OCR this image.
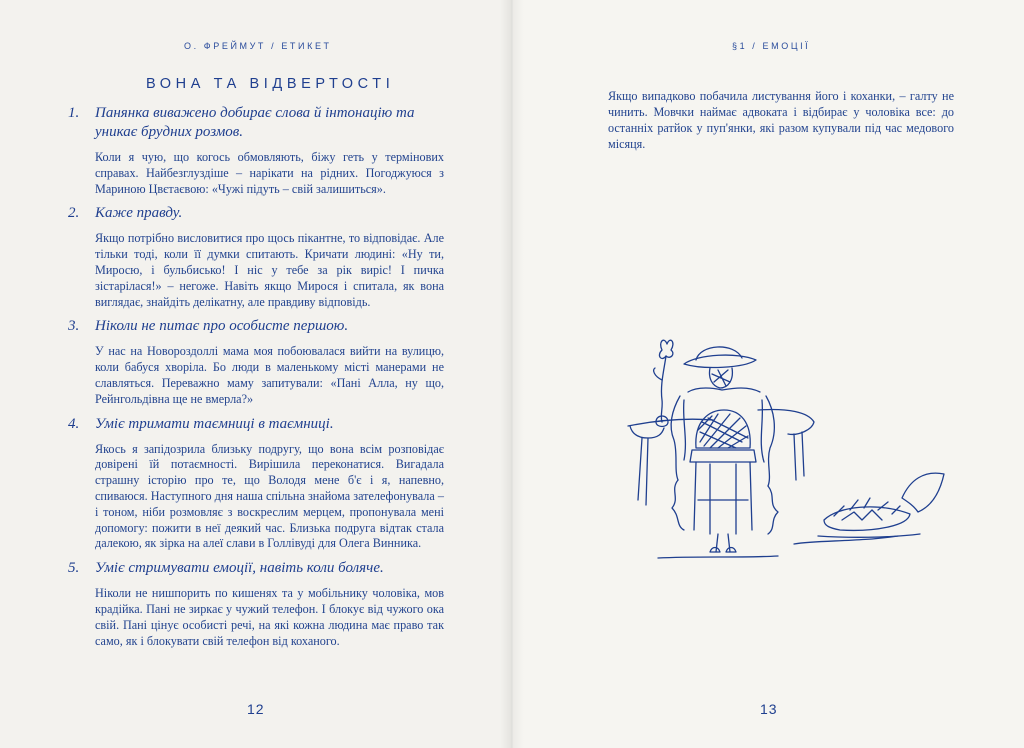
О. ФРЕЙМУТ / ЕТИКЕТ
ВОНА ТА ВІДВЕРТОСТІ
1.	Панянка виважено добирає слова й інтонацію та уникає брудних розмов.

Коли я чую, що когось обмовляють, біжу геть у термінових справах. Найбезглуздіше – нарікати на рідних. Погоджуюся з Мариною Цвєтаєвою: «Чужі підуть – свій залишиться».

2.	Каже правду.

Якщо потрібно висловитися про щось пікантне, то відповідає. Але тільки тоді, коли її думки спитають. Кричати людині: «Ну ти, Миросю, і бульбисько! І ніс у тебе за рік виріс! І пичка зістарілася!» – негоже. Навіть якщо Мирося і спитала, як вона виглядає, знайдіть делікатну, але правдиву відповідь.

3.	Ніколи не питає про особисте першою.

У нас на Новороздоллі мама моя побоювалася вийти на вулицю, коли бабуся хворіла. Бо люди в маленькому місті манерами не славляться. Переважно маму запитували: «Пані Алла, ну що, Рейнгольдівна ще не вмерла?»

4.	Уміє тримати таємниці в таємниці.

Якось я запідозрила близьку подругу, що вона всім розповідає довірені їй потаємності. Вирішила переконатися. Вигадала страшну історію про те, що Володя мене б'є і я, напевно, спиваюся. Наступного дня наша спільна знайома зателефонувала – і тоном, ніби розмовляє з воскреслим мерцем, пропонувала мені допомогу: пожити в неї деякий час. Близька подруга відтак стала далекою, як зірка на алеї слави в Голлівуді для Олега Винника.

5.	Уміє стримувати емоції, навіть коли боляче.

Ніколи не нишпорить по кишенях та у мобільнику чоловіка, мов крадійка. Пані не зиркає у чужий телефон. І блокує від чужого ока свій. Пані цінує особисті речі, на які кожна людина має право так само, як і блокувати свій телефон від коханого.

12
§1 / ЕМОЦІЇ

Якщо випадково побачила листування його і коханки, – галту не чинить. Мовчки наймає адвоката і відбирає у чоловіка все: до останніх ратйок у пуп'янки, які разом купували під час медового місяця.

13
